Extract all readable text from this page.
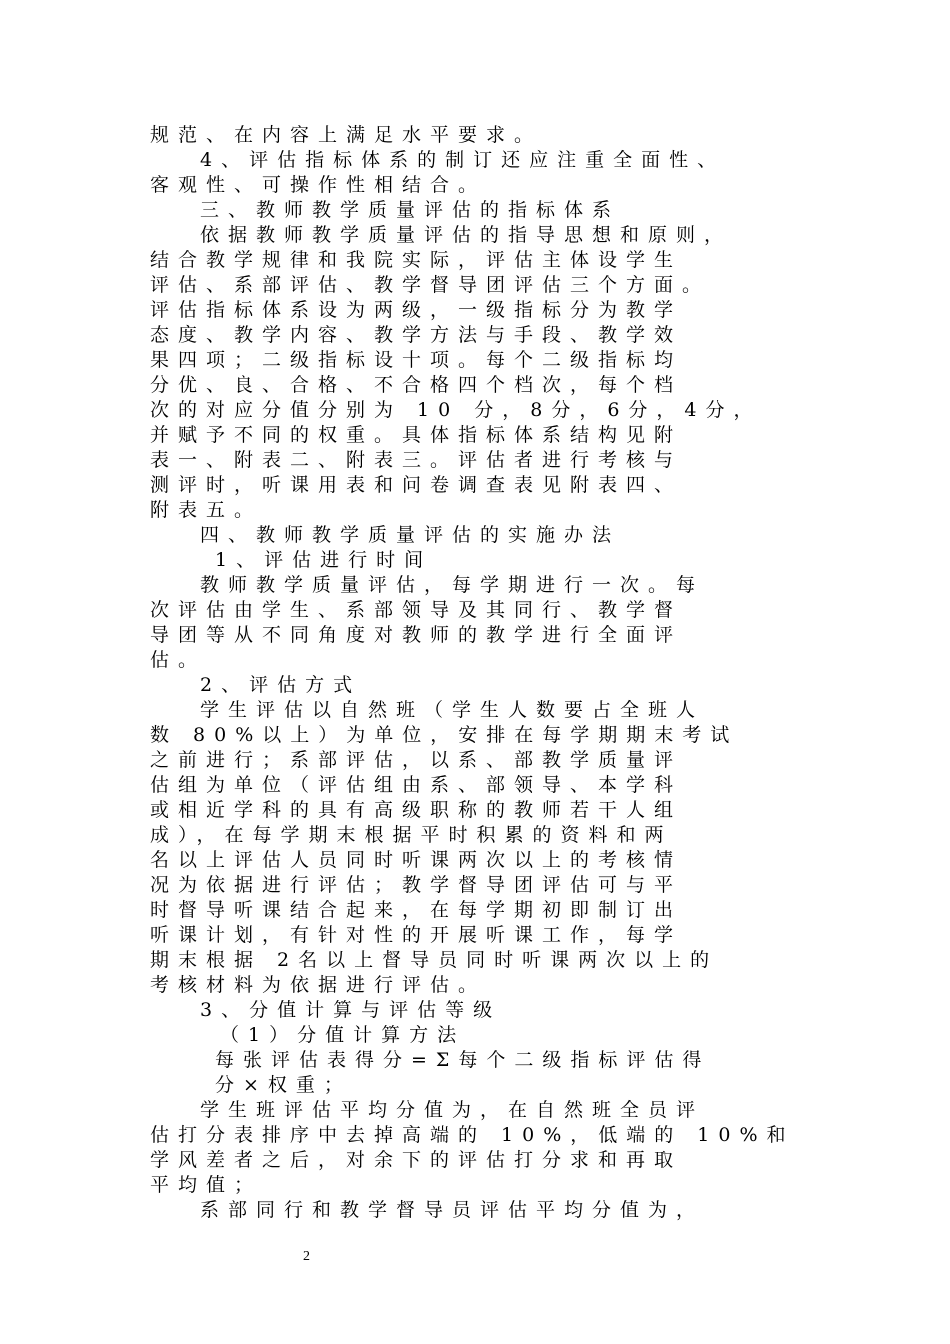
规范、在内容上满足水平要求。
4、评估指标体系的制订还应注重全面性、
客观性、可操作性相结合。
三、教师教学质量评估的指标体系
依据教师教学质量评估的指导思想和原则，
结合教学规律和我院实际，评估主体设学生
评估、系部评估、教学督导团评估三个方面。
评估指标体系设为两级，一级指标分为教学
态度、教学内容、教学方法与手段、教学效
果四项；二级指标设十项。每个二级指标均
分优、良、合格、不合格四个档次，每个档
次的对应分值分别为 10 分，8分，6分，4分，
并赋予不同的权重。具体指标体系结构见附
表一、附表二、附表三。评估者进行考核与
测评时，听课用表和问卷调查表见附表四、
附表五。
四、教师教学质量评估的实施办法
1、评估进行时间
教师教学质量评估，每学期进行一次。每
次评估由学生、系部领导及其同行、教学督
导团等从不同角度对教师的教学进行全面评
估。
2、评估方式
学生评估以自然班（学生人数要占全班人
数 80%以上）为单位，安排在每学期期末考试
之前进行；系部评估，以系、部教学质量评
估组为单位（评估组由系、部领导、本学科
或相近学科的具有高级职称的教师若干人组
成），在每学期末根据平时积累的资料和两
名以上评估人员同时听课两次以上的考核情
况为依据进行评估；教学督导团评估可与平
时督导听课结合起来，在每学期初即制订出
听课计划，有针对性的开展听课工作，每学
期末根据 2名以上督导员同时听课两次以上的
考核材料为依据进行评估。
3、分值计算与评估等级
（1）分值计算方法
每张评估表得分=Σ每个二级指标评估得
分×权重；
学生班评估平均分值为，在自然班全员评
估打分表排序中去掉高端的 10%，低端的 10%和
学风差者之后，对余下的评估打分求和再取
平均值；
系部同行和教学督导员评估平均分值为，
2
